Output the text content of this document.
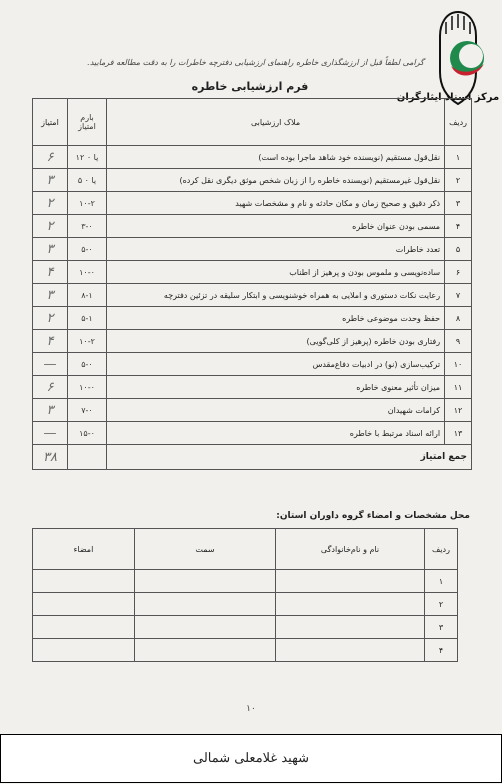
مرکز اسناد ایثارگران
گرامی لطفاً قبل از ارزشگذاری خاطره راهنمای ارزشیابی دفترچه خاطرات را به دقت مطالعه فرمایید.
فرم ارزشیابی خاطره
ردیف	ملاک ارزشیابی	بارم امتیاز	امتیاز
۱	نقل‌قول مستقیم (نویسنده خود شاهد ماجرا بوده است)	۱۲ یا ۰	۶
۲	نقل‌قول غیرمستقیم (نویسنده خاطره را از زبان شخص موثق دیگری نقل کرده)	۵ یا ۰	۳
۳	ذکر دقیق و صحیح زمان و مکان حادثه و نام و مشخصات شهید	۱۰-۲	۲
۴	مسمی بودن عنوان خاطره	۳-۰	۲
۵	تعدد خاطرات	۵-۰	۳
۶	ساده‌نویسی و ملموس بودن و پرهیز از اطناب	۱۰-۰	۴
۷	رعایت نکات دستوری و املایی به همراه خوشنویسی و ابتکار سلیقه در تزئین دفترچه	۸-۱	۳
۸	حفظ وحدت موضوعی خاطره	۵-۱	۲
۹	رفتاری بودن خاطره (پرهیز از کلی‌گویی)	۱۰-۲	۴
۱۰	ترکیب‌سازی (نو) در ادبیات دفاع‌مقدس	۵-۰	—
۱۱	میزان تأثیر معنوی خاطره	۱۰-۰	۶
۱۲	کرامات شهیدان	۷-۰	۳
۱۳	ارائه اسناد مرتبط با خاطره	۱۵-۰	—
جمع امتیاز			۳۸
محل مشخصات و امضاء گروه داوران استان:
ردیف	نام و نام‌خانوادگی	سمت	امضاء
۱			
۲			
۳			
۴			
۱۰
شهید غلامعلی شمالی
